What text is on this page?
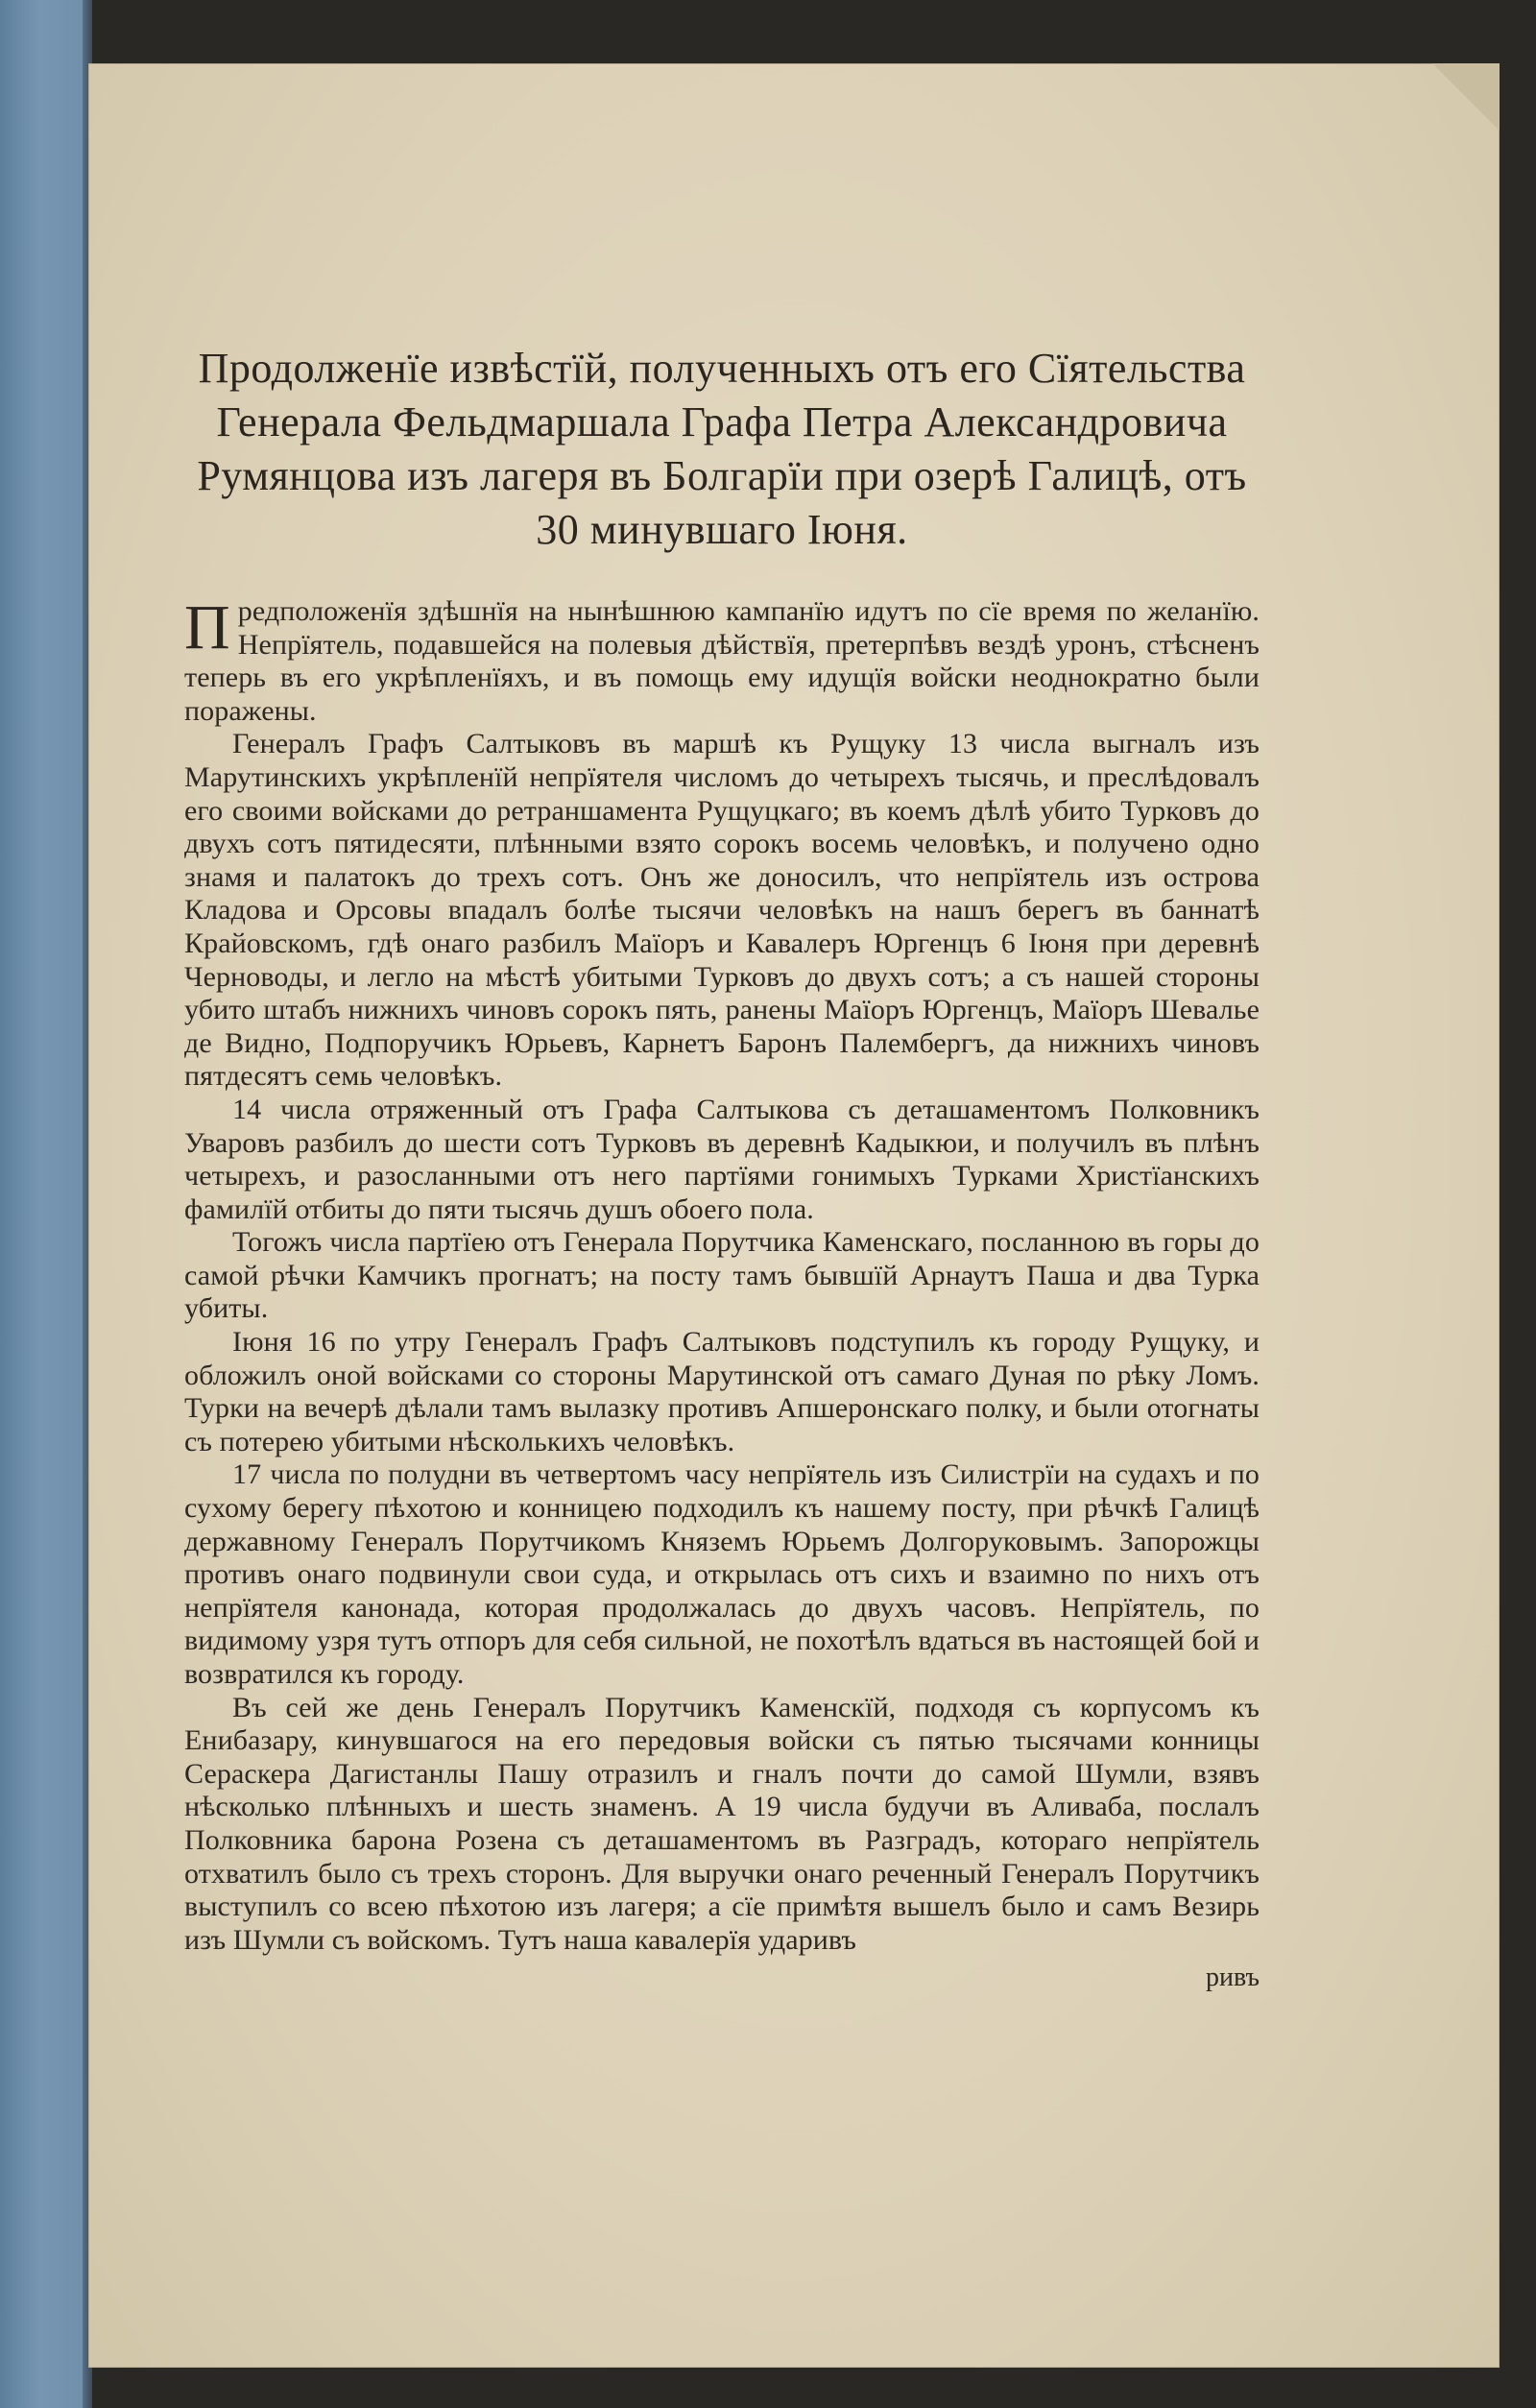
Продолженїе извѣстїй, полученныхъ отъ его Сїятельства Генерала Фельдмаршала Графа Петра Александровича Румянцова изъ лагеря въ Болгарїи при озерѣ Галицѣ, отъ 30 минувшаго Іюня.

Предположенїя здѣшнїя на нынѣшнюю кампанїю идутъ по сїе время по желанїю. Непрїятель, подавшейся на полевыя дѣйствїя, претерпѣвъ вездѣ уронъ, стѣсненъ теперь въ его укрѣпленїяхъ, и въ помощь ему идущїя войски неоднократно были поражены.

Генералъ Графъ Салтыковъ въ маршѣ къ Рущуку 13 числа выгналъ изъ Марутинскихъ укрѣпленїй непрїятеля числомъ до четырехъ тысячь, и преслѣдовалъ его своими войсками до ретраншамента Рущуцкаго; въ коемъ дѣлѣ убито Турковъ до двухъ сотъ пятидесяти, плѣнными взято сорокъ восемь человѣкъ, и получено одно знамя и палатокъ до трехъ сотъ. Онъ же доносилъ, что непрїятель изъ острова Кладова и Орсовы впадалъ болѣе тысячи человѣкъ на нашъ берегъ въ баннатѣ Крайовскомъ, гдѣ онаго разбилъ Маїоръ и Кавалеръ Юргенцъ 6 Іюня при деревнѣ Черноводы, и легло на мѣстѣ убитыми Турковъ до двухъ сотъ; а съ нашей стороны убито штабъ нижнихъ чиновъ сорокъ пять, ранены Маїоръ Юргенцъ, Маїоръ Шевалье де Видно, Подпоручикъ Юрьевъ, Карнетъ Баронъ Палембергъ, да нижнихъ чиновъ пятдесятъ семь человѣкъ.

14 числа отряженный отъ Графа Салтыкова съ деташаментомъ Полковникъ Уваровъ разбилъ до шести сотъ Турковъ въ деревнѣ Кадыкюи, и получилъ въ плѣнъ четырехъ, и разосланными отъ него партїями гонимыхъ Турками Христїанскихъ фамилїй отбиты до пяти тысячь душъ обоего пола.

Тогожъ числа партїею отъ Генерала Порутчика Каменскаго, посланною въ горы до самой рѣчки Камчикъ прогнатъ; на посту тамъ бывшїй Арнаутъ Паша и два Турка убиты.

Іюня 16 по утру Генералъ Графъ Салтыковъ подступилъ къ городу Рущуку, и обложилъ оной войсками со стороны Марутинской отъ самаго Дуная по рѣку Ломъ. Турки на вечерѣ дѣлали тамъ вылазку противъ Апшеронскаго полку, и были отогнаты съ потерею убитыми нѣсколькихъ человѣкъ.

17 числа по полудни въ четвертомъ часу непрїятель изъ Силистрїи на судахъ и по сухому берегу пѣхотою и конницею подходилъ къ нашему посту, при рѣчкѣ Галицѣ державному Генералъ Порутчикомъ Княземъ Юрьемъ Долгоруковымъ. Запорожцы противъ онаго подвинули свои суда, и открылась отъ сихъ и взаимно по нихъ отъ непрїятеля канонада, которая продолжалась до двухъ часовъ. Непрїятель, по видимому узря тутъ отпоръ для себя сильной, не похотѣлъ вдаться въ настоящей бой и возвратился къ городу.

Въ сей же день Генералъ Порутчикъ Каменскїй, подходя съ корпусомъ къ Енибазару, кинувшагося на его передовыя войски съ пятью тысячами конницы Сераскера Дагистанлы Пашу отразилъ и гналъ почти до самой Шумли, взявъ нѣсколько плѣнныхъ и шесть знаменъ. А 19 числа будучи въ Аливаба, послалъ Полковника барона Розена съ деташаментомъ въ Разградъ, котораго непрїятель отхватилъ было съ трехъ сторонъ. Для выручки онаго реченный Генералъ Порутчикъ выступилъ со всею пѣхотою изъ лагеря; а сїе примѣтя вышелъ было и самъ Везирь изъ Шумли съ войскомъ. Тутъ наша кавалерїя ударивъ

ривъ
